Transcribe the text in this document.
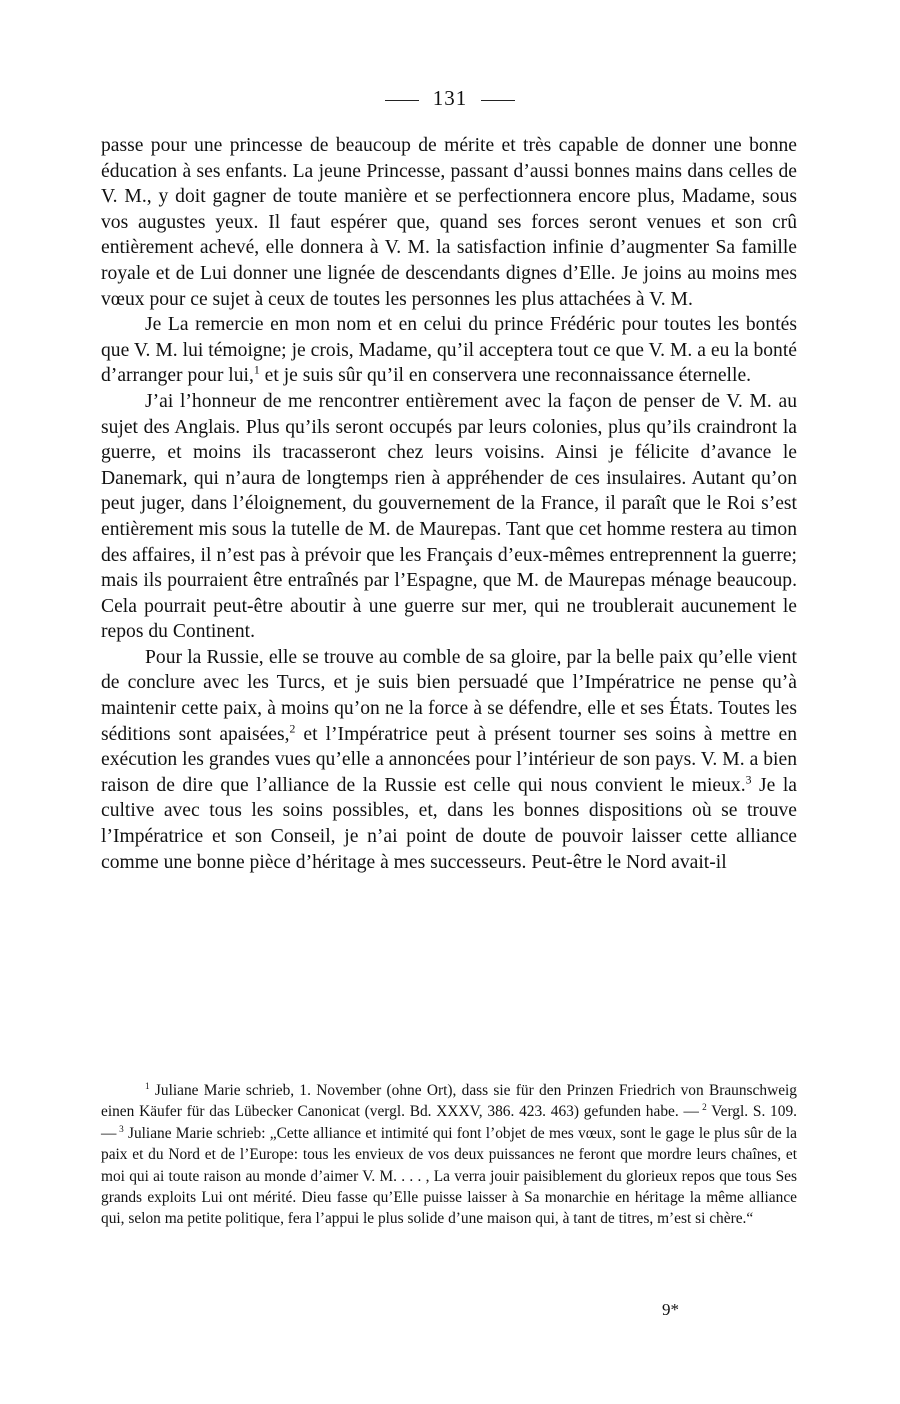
131

passe pour une princesse de beaucoup de mérite et très capable de donner une bonne éducation à ses enfants. La jeune Princesse, passant d’aussi bonnes mains dans celles de V. M., y doit gagner de toute manière et se perfectionnera encore plus, Madame, sous vos augustes yeux. Il faut espérer que, quand ses forces seront venues et son crû entièrement achevé, elle donnera à V. M. la satisfaction infinie d’augmenter Sa famille royale et de Lui donner une lignée de descendants dignes d’Elle. Je joins au moins mes vœux pour ce sujet à ceux de toutes les personnes les plus attachées à V. M.

Je La remercie en mon nom et en celui du prince Frédéric pour toutes les bontés que V. M. lui témoigne; je crois, Madame, qu’il acceptera tout ce que V. M. a eu la bonté d’arranger pour lui,$^1$ et je suis sûr qu’il en conservera une reconnaissance éternelle.

J’ai l’honneur de me rencontrer entièrement avec la façon de penser de V. M. au sujet des Anglais. Plus qu’ils seront occupés par leurs colonies, plus qu’ils craindront la guerre, et moins ils tracasseront chez leurs voisins. Ainsi je félicite d’avance le Danemark, qui n’aura de longtemps rien à appréhender de ces insulaires. Autant qu’on peut juger, dans l’éloignement, du gouvernement de la France, il paraît que le Roi s’est entièrement mis sous la tutelle de M. de Maurepas. Tant que cet homme restera au timon des affaires, il n’est pas à prévoir que les Français d’eux-mêmes entreprennent la guerre; mais ils pourraient être entraînés par l’Espagne, que M. de Maurepas ménage beaucoup. Cela pourrait peut-être aboutir à une guerre sur mer, qui ne troublerait aucunement le repos du Continent.

Pour la Russie, elle se trouve au comble de sa gloire, par la belle paix qu’elle vient de conclure avec les Turcs, et je suis bien persuadé que l’Impératrice ne pense qu’à maintenir cette paix, à moins qu’on ne la force à se défendre, elle et ses États. Toutes les séditions sont apaisées,$^2$ et l’Impératrice peut à présent tourner ses soins à mettre en exécution les grandes vues qu’elle a annoncées pour l’intérieur de son pays. V. M. a bien raison de dire que l’alliance de la Russie est celle qui nous convient le mieux.$^3$ Je la cultive avec tous les soins possibles, et, dans les bonnes dispositions où se trouve l’Impératrice et son Conseil, je n’ai point de doute de pouvoir laisser cette alliance comme une bonne pièce d’héritage à mes successeurs. Peut-être le Nord avait-il

$^1$ Juliane Marie schrieb, 1. November (ohne Ort), dass sie für den Prinzen Friedrich von Braunschweig einen Käufer für das Lübecker Canonicat (vergl. Bd. XXXV, 386. 423. 463) gefunden habe. — $^2$ Vergl. S. 109. — $^3$ Juliane Marie schrieb: „Cette alliance et intimité qui font l’objet de mes vœux, sont le gage le plus sûr de la paix et du Nord et de l’Europe: tous les envieux de vos deux puissances ne feront que mordre leurs chaînes, et moi qui ai toute raison au monde d’aimer V. M. . . . , La verra jouir paisiblement du glorieux repos que tous Ses grands exploits Lui ont mérité. Dieu fasse qu’Elle puisse laisser à Sa monarchie en héritage la même alliance qui, selon ma petite politique, fera l’appui le plus solide d’une maison qui, à tant de titres, m’est si chère.“

9*
